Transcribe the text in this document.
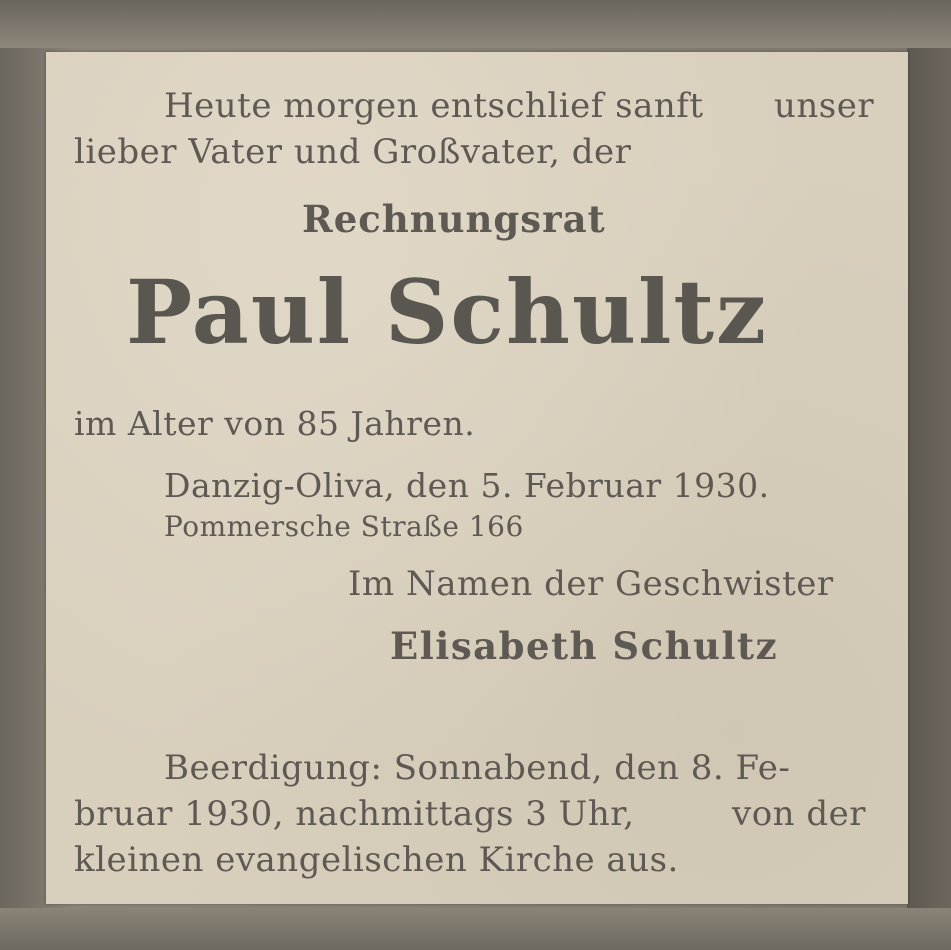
Heute morgen entschlief sanft unser
lieber Vater und Großvater, der
Rechnungsrat
Paul Schultz
im Alter von 85 Jahren.
Danzig-Oliva, den 5. Februar 1930.
Pommersche Straße 166
Im Namen der Geschwister
Elisabeth Schultz
Beerdigung: Sonnabend, den 8. Fe-
bruar 1930, nachmittags 3 Uhr,	von der
kleinen evangelischen Kirche aus.
